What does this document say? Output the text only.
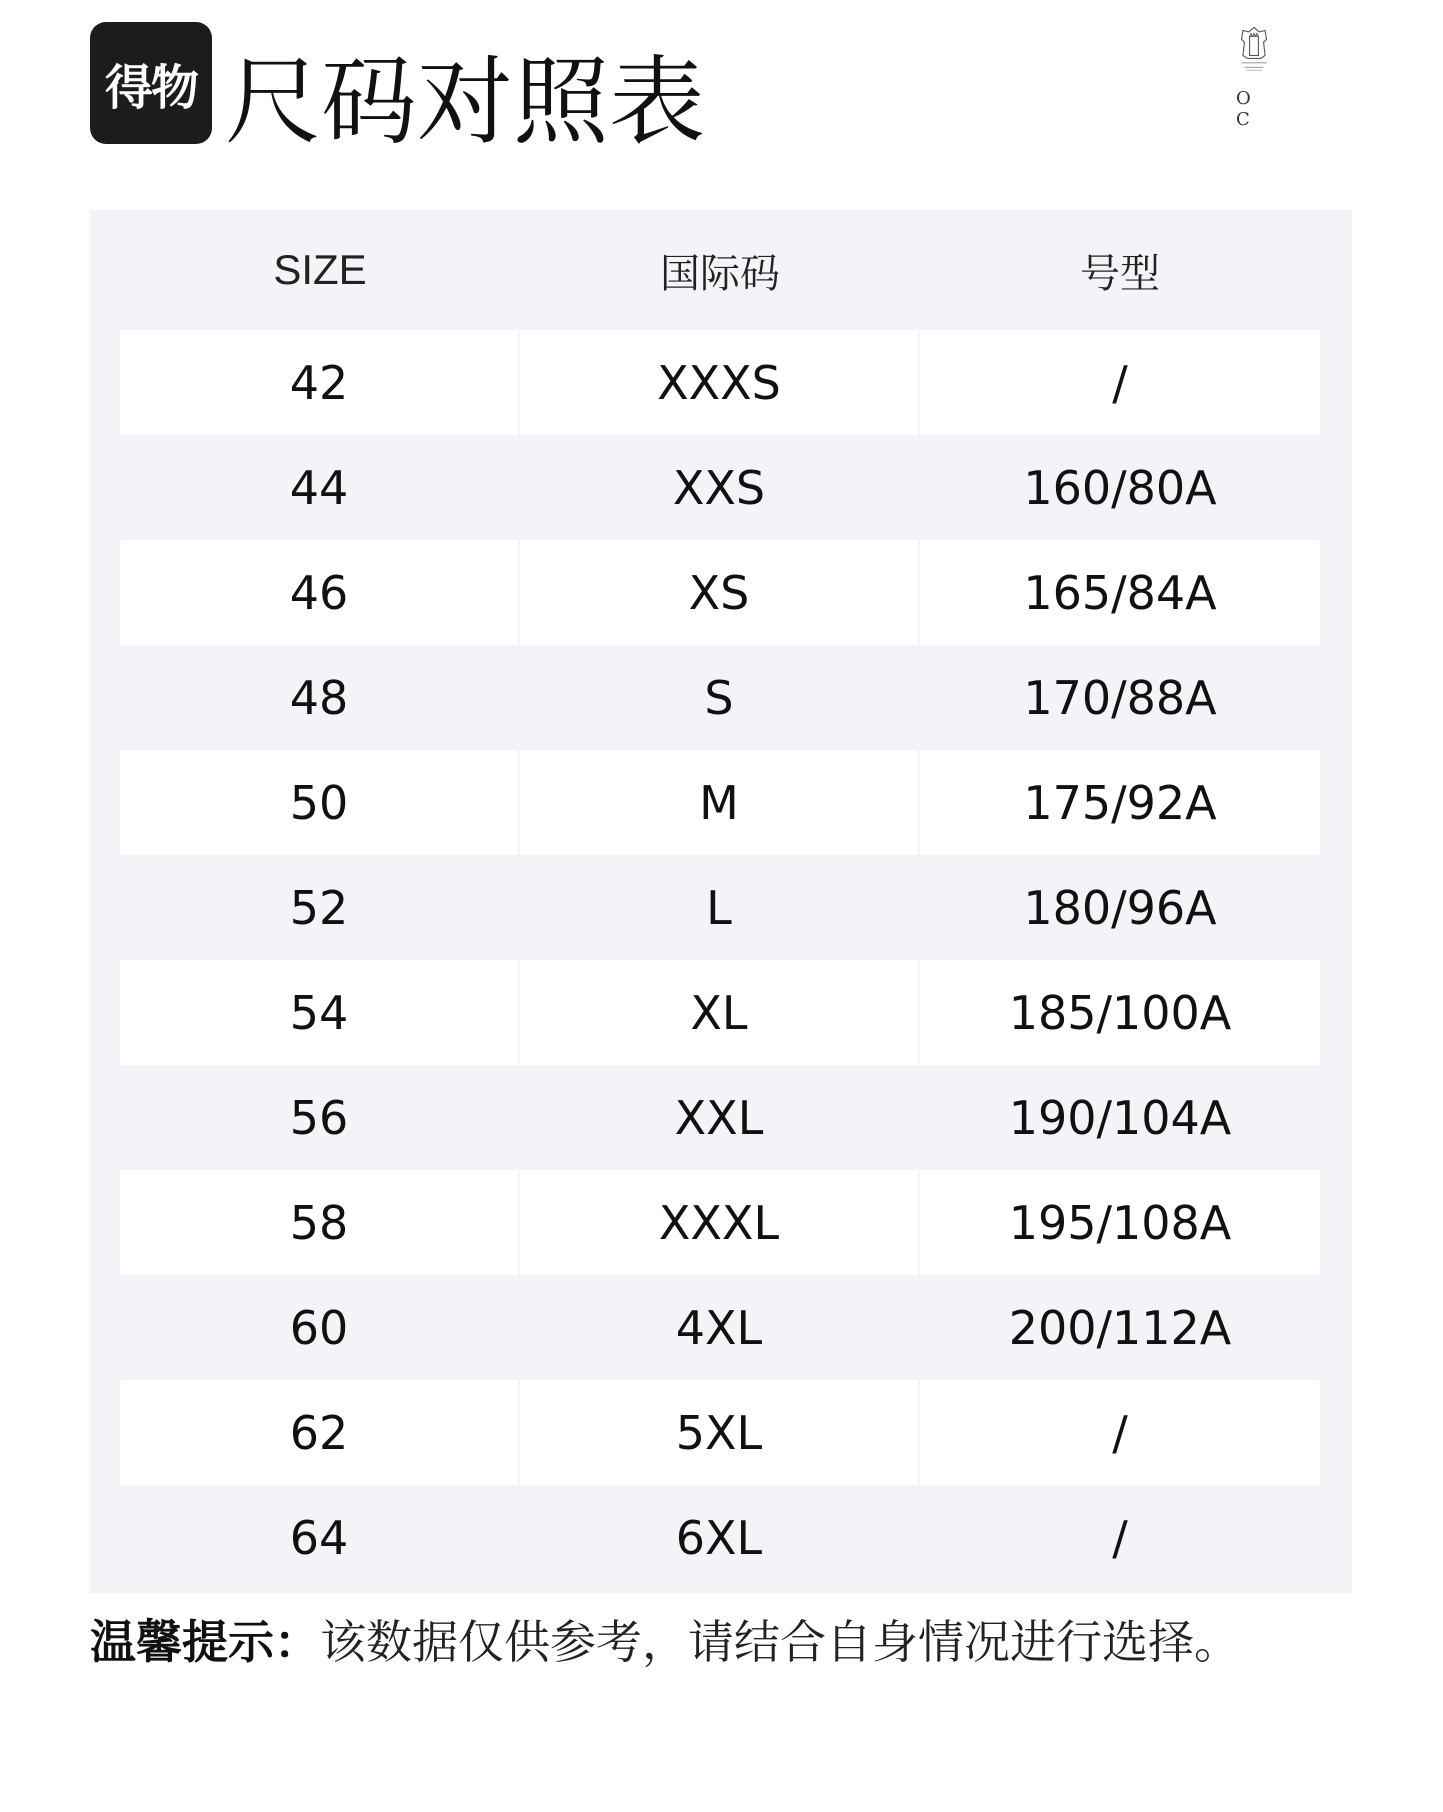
得物 尺码对照表	O C
SIZE	国际码	号型
42	XXXS	/
44	XXS	160/80A
46	XS	165/84A
48	S	170/88A
50	M	175/92A
52	L	180/96A
54	XL	185/100A
56	XXL	190/104A
58	XXXL	195/108A
60	4XL	200/112A
62	5XL	/
64	6XL	/
温馨提示：该数据仅供参考，请结合自身情况进行选择。
